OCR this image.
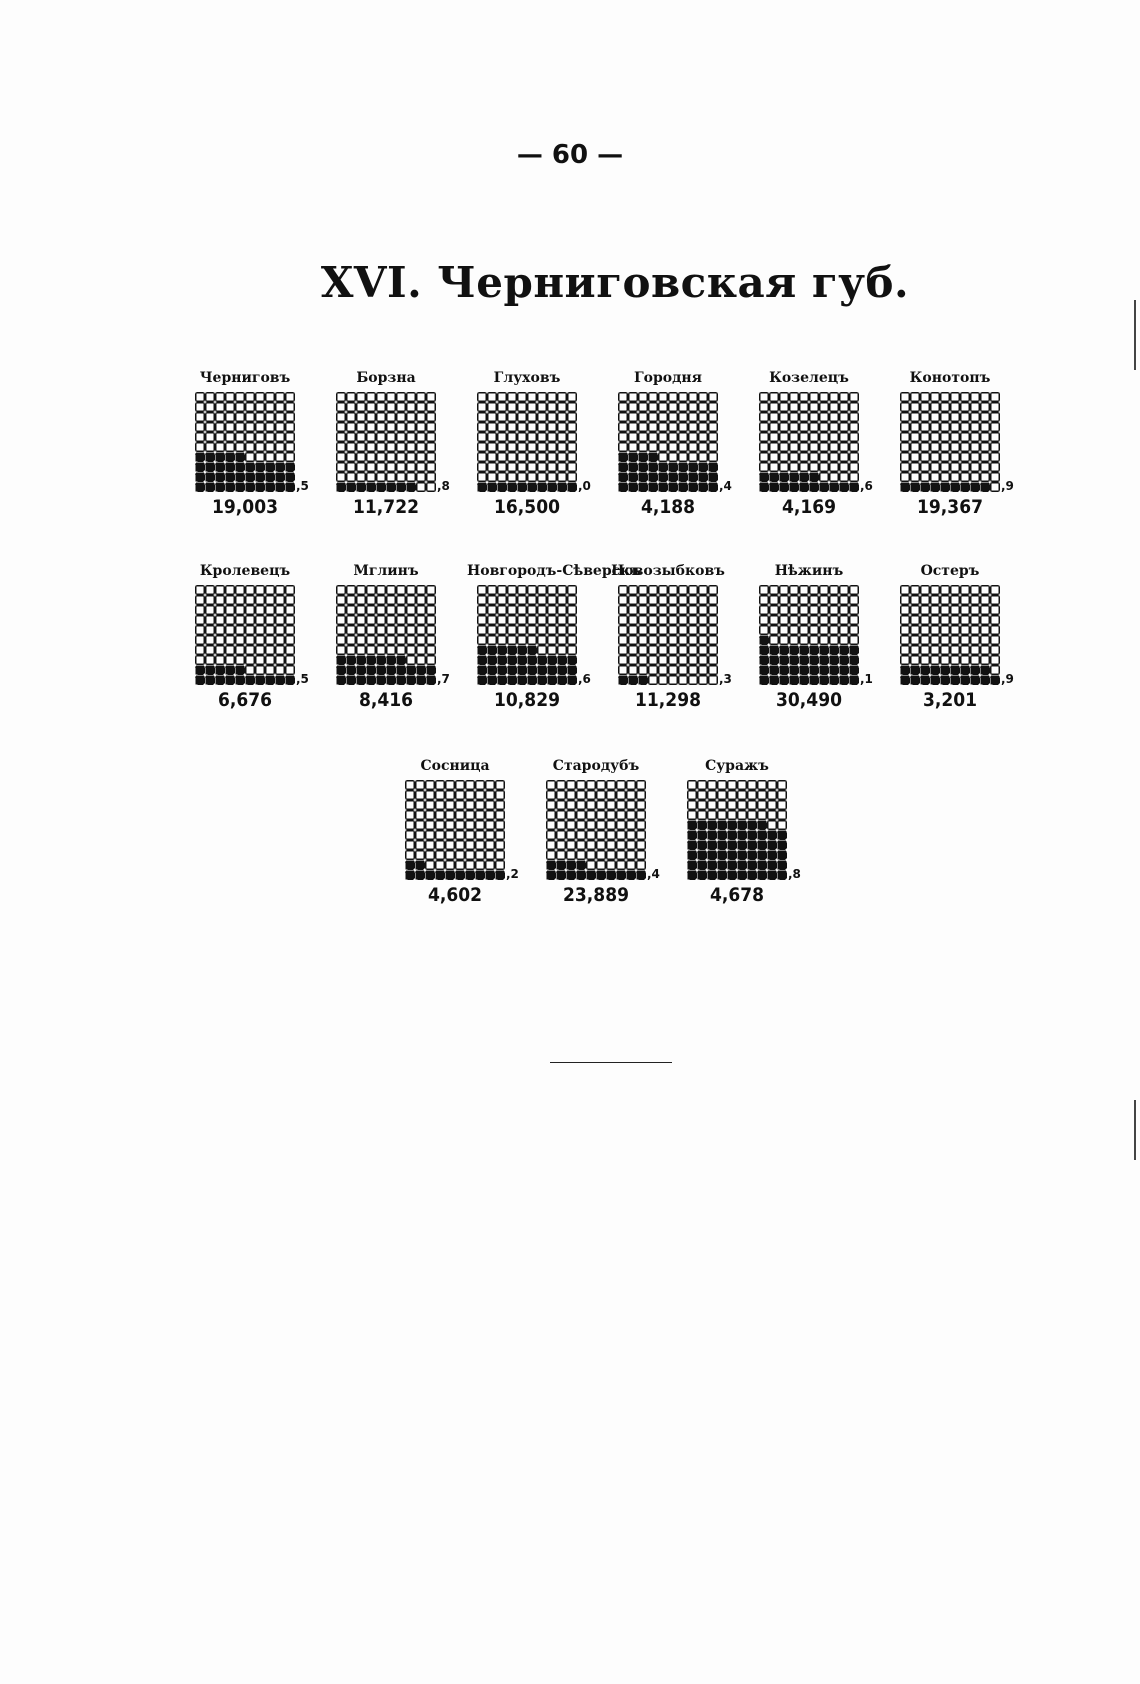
— 60 —
XVI. Черниговская губ.
Черниговъ
,5
19,003
Борзна
,8
11,722
Глуховъ
,0
16,500
Городня
,4
4,188
Козелецъ
,6
4,169
Конотопъ
,9
19,367
Кролевецъ
,5
6,676
Мглинъ
,7
8,416
Новгородъ-Сѣверскъ
,6
10,829
Новозыбковъ
,3
11,298
Нѣжинъ
,1
30,490
Остеръ
,9
3,201
Сосница
,2
4,602
Стародубъ
,4
23,889
Суражъ
,8
4,678
